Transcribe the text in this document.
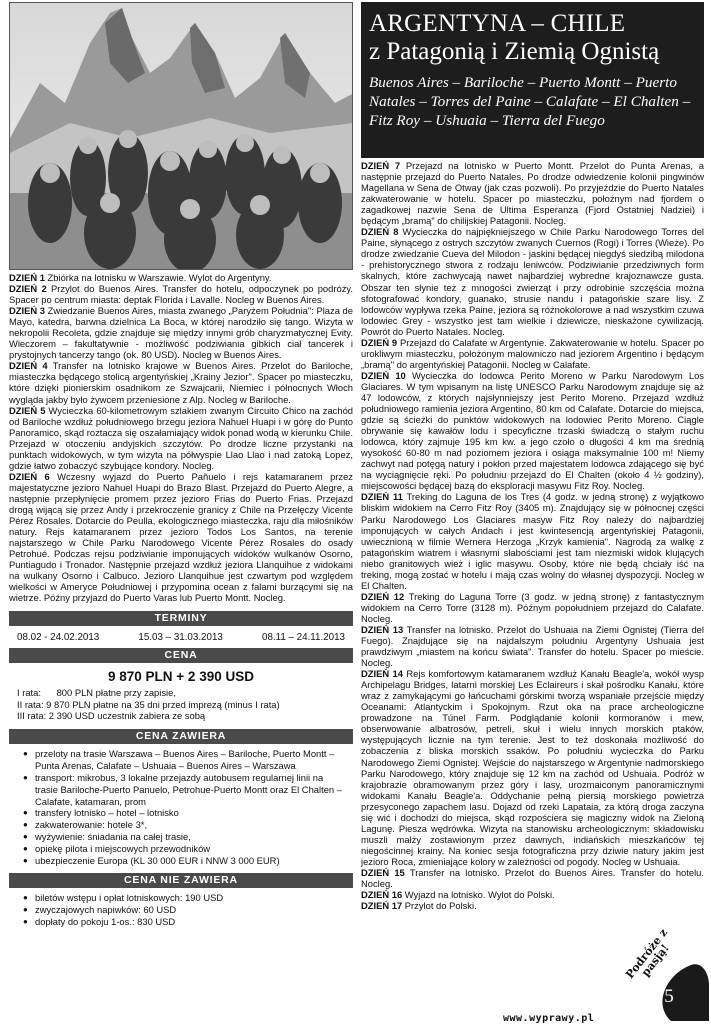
ARGENTYNA – CHILE
z Patagonią i Ziemią Ognistą
Buenos Aires – Bariloche – Puerto Montt – Puerto Natales – Torres del Paine – Calafate – El Chalten – Fitz Roy – Ushuaia – Tierra del Fuego

DZIEŃ 1 Zbiórka na lotnisku w Warszawie. Wylot do Argentyny.

DZIEŃ 2 Przylot do Buenos Aires. Transfer do hotelu, odpoczynek po podróży. Spacer po centrum miasta: deptak Florida i Lavalle. Nocleg w Buenos Aires.

DZIEŃ 3 Zwiedzanie Buenos Aires, miasta zwanego „Paryżem Południa": Plaza de Mayo, katedra, barwna dzielnica La Boca, w której narodziło się tango. Wizyta w nekropolii Recoleta, gdzie znajduje się między innymi grób charyzmatycznej Evity. Wieczorem – fakultatywnie - możliwość podziwiania gibkich ciał tancerek i prystojnych tancerzy tango (ok. 80 USD). Nocleg w Buenos Aires.

DZIEŃ 4 Transfer na lotnisko krajowe w Buenos Aires. Przelot do Bariloche, miasteczka będącego stolicą argentyńskiej „Krainy Jezior". Spacer po miasteczku, które dzięki pionierskim osadnikom ze Szwajcarii, Niemiec i północnych Włoch wygląda jakby było żywcem przeniesione z Alp. Nocleg w Bariloche.

DZIEŃ 5 Wycieczka 60-kilometrowym szlakiem zwanym Circuito Chico na zachód od Bariloche wzdłuż południowego brzegu jeziora Nahuel Huapi i w górę do Punto Panoramico, skąd roztacza się oszałamiający widok ponad wodą w kierunku Chile. Przejazd w otoczeniu andyjskich szczytów. Po drodze liczne przystanki na punktach widokowych, w tym wizyta na półwyspie Llao Llao i nad zatoką Lopez, gdzie łatwo zobaczyć szybujące kondory. Nocleg.

DZIEŃ 6 Wczesny wyjazd do Puerto Pañuelo i rejs katamaranem przez majestatyczne jezioro Nahuel Huapi do Brazo Blast. Przejazd do Puerto Alegre, a następnie przepłynięcie promem przez jezioro Frias do Puerto Frias. Przejazd drogą wijącą się przez Andy i przekroczenie granicy z Chile na Przełęczy Vicente Pérez Rosales. Dotarcie do Peulla, ekologicznego miasteczka, raju dla miłośników natury. Rejs katamaranem przez jezioro Todos Los Santos, na terenie najstarszego w Chile Parku Narodowego Vicente Pérez Rosales do osady Petrohué. Podczas rejsu podziwianie imponujących widoków wulkanów Osorno, Puntiagudo i Tronador. Następnie przejazd wzdłuż jeziora Llanquihue z widokami na wulkany Osorno i Calbuco. Jezioro Llanquihue jest czwartym pod względem wielkości w Ameryce Południowej i przypomina ocean z falami burzącymi się na wietrze. Późny przyjazd do Puerto Varas lub Puerto Montt. Nocleg.

TERMINY
08.02 - 24.02.2013	15.03 – 31.03.2013	08.11 – 24.11.2013
CENA
9 870 PLN + 2 390 USD
I rata:      800 PLN płatne przy zapisie,
II rata: 9 870 PLN płatne na 35 dni przed imprezą (minus I rata)
III rata: 2 390 USD uczestnik zabiera ze sobą
CENA ZAWIERA
● przeloty na trasie Warszawa – Buenos Aires – Bariloche, Puerto Montt – Punta Arenas, Calafate – Ushuaia – Buenos Aires – Warszawa
● transport: mikrobus, 3 lokalne przejazdy autobusem regularnej linii na trasie Bariloche-Puerto Panuelo, Petrohue-Puerto Montt oraz El Chalten – Calafate, katamaran, prom
● transfery lotnisko – hotel – lotnisko
● zakwaterowanie: hotele 3*,
● wyżywienie: śniadania na całej trasie,
● opiekę pilota i miejscowych przewodników
● ubezpieczenie Europa (KL 30 000 EUR i NNW 3 000 EUR)
CENA NIE ZAWIERA
● biletów wstępu i opłat lotniskowych: 190 USD
● zwyczajowych napiwków: 60 USD
● dopłaty do pokoju 1-os.: 830 USD

DZIEŃ 7 Przejazd na lotnisko w Puerto Montt. Przelot do Punta Arenas, a następnie przejazd do Puerto Natales. Po drodze odwiedzenie kolonii pingwinów Magellana w Sena de Otway (jak czas pozwoli). Po przyjeździe do Puerto Natales zakwaterowanie w hotelu. Spacer po miasteczku, położnym nad fjordem o zagadkowej nazwie Sena de Ultima Esperanza (Fjord Ostatniej Nadziei) i będącym „bramą" do chilijskiej Patagonii. Nocleg.

DZIEŃ 8 Wycieczka do najpiękniejszego w Chile Parku Narodowego Torres del Paine, słynącego z ostrych szczytów zwanych Cuernos (Rogi) i Torres (Wieże). Po drodze zwiedzanie Cueva del Milodon - jaskini będącej niegdyś siedzibą milodona - prehistorycznego stwora z rodzaju leniwców. Podziwianie przedziwnych form skalnych, które zachwycają nawet najbardziej wybredne krajoznawcze gusta. Obszar ten słynie też z mnogości zwierząt i przy odrobinie szczęścia można sfotografować kondory, guanako, strusie nandu i patagońskie szare lisy. Z lodowców wypływa rzeka Paine, jeziora są różnokolorowe a nad wszystkim czuwa lodowiec Grey - wszystko jest tam wielkie i dziewicze, nieskażone cywilizacją. Powrót do Puerto Natales. Nocleg.

DZIEŃ 9 Przejazd do Calafate w Argentynie. Zakwaterowanie w hotelu. Spacer po urokliwym miasteczku, położonym malowniczo nad jeziorem Argentino i będącym „bramą" do argentyńskiej Patagonii. Nocleg w Calafate.

DZIEŃ 10 Wycieczka do lodowca Perito Moreno w Parku Narodowym Los Glaciares. W tym wpisanym na listę UNESCO Parku Narodowym znajduje się aż 47 lodowców, z których najsłynniejszy jest Perito Moreno. Przejazd wzdłuż południowego ramienia jeziora Argentino, 80 km od Calafate. Dotarcie do miejsca, gdzie są ścieżki do punktów widokowych na lodowiec Perito Moreno. Ciągle obrywanie się kawałów lodu i specyficzne trzaski świadczą o stałym ruchu lodowca, który zajmuje 195 km kw. a jego czoło o długości 4 km ma średnią wysokość 60-80 m nad poziomem jeziora i osiąga maksymalnie 100 m! Niemy zachwyt nad potęgą natury i pokłon przed majestatem lodowca zdającego się być na wyciągnięcie ręki. Po południu przejazd do El Chalten (około 4 ½ godziny), miejscowości będącej bazą do eksploracji masywu Fitz Roy. Nocleg.

DZIEŃ 11 Treking do Laguna de los Tres (4 godz. w jedną stronę) z wyjątkowo bliskim widokiem na Cerro Fitz Roy (3405 m). Znajdujący się w północnej części Parku Narodowego Los Glaciares masyw Fitz Roy należy do najbardziej imponujących w całych Andach i jest kwintesencją argentyńskiej Patagonii, uwiecznioną w filmie Wernera Herzoga „Krzyk kamienia". Nagrodą za walkę z patagońskim wiatrem i własnymi słabościami jest tam niezmiski widok klujących niebo granitowych wież i iglic masywu. Osoby, które nie będą chciały iść na treking, mogą zostać w hotelu i mają czas wolny do własnej dyspozycji. Nocleg w El Chalten.

DZIEŃ 12 Treking do Laguna Torre (3 godz. w jedną stronę) z fantastycznym widokiem na Cerro Torre (3128 m). Późnym popołudniem przejazd do Calafate. Nocleg.

DZIEŃ 13 Transfer na lotnisko. Przelot do Ushuaia na Ziemi Ognistej (Tierra del Fuego). Znajdujące się na najdalszym południu Argentyny Ushuaia jest prawdziwym „miastem na końcu świata". Transfer do hotelu. Spacer po mieście. Nocleg.

DZIEŃ 14 Rejs komfortowym katamaranem wzdłuż Kanału Beagle'a, wokół wysp Archipelagu Bridges, latarni morskiej Les Eclaireurs i skał pośrodku Kanału, które wraz z zamykającymi go łańcuchami górskimi tworzą wspaniałe przejście między Oceanami: Atlantyckim i Spokojnym. Rzut oka na prace archeologiczne prowadzone na Túnel Farm. Podglądanie kolonii kormoranów i mew, obserwowanie albatrosów, petreli, skuł i wielu innych morskich ptaków, występujących licznie na tym terenie. Jest to też doskonała możliwość do zobaczenia z bliska morskich ssaków. Po południu wycieczka do Parku Narodowego Ziemi Ognistej. Wejście do najstarszego w Argentynie nadmorskiego Parku Narodowego, który znajduje się 12 km na zachód od Ushuaia. Podróż w krajobrazie obramowanym przez góry i lasy, urozmaiconym panoramicznymi widokami Kanału Beagle'a. Oddychanie pełną piersią morskiego powietrza przesyconego zapachem lasu. Dojazd od rzeki Lapataia, za którą droga zaczyna się wić i dochodzi do miejsca, skąd rozpościera się magiczny widok na Zieloną Lagunę. Piesza wędrówka. Wizyta na stanowisku archeologicznym: składowisku muszli małży zostawionym przez dawnych, indiańskich mieszkańców tej niegościnnej krainy. Na koniec sesja fotograficzna przy dziwie natury jakim jest jezioro Roca, zmieniające kolory w zależności od pogody. Nocleg w Ushuaia.

DZIEŃ 15 Transfer na lotnisko. Przelot do Buenos Aires. Transfer do hotelu. Nocleg.

DZIEŃ 16 Wyjazd na lotnisko. Wylot do Polski.

DZIEŃ 17 Przylot do Polski.

Podróże z pasją!
5
www.wyprawy.pl
